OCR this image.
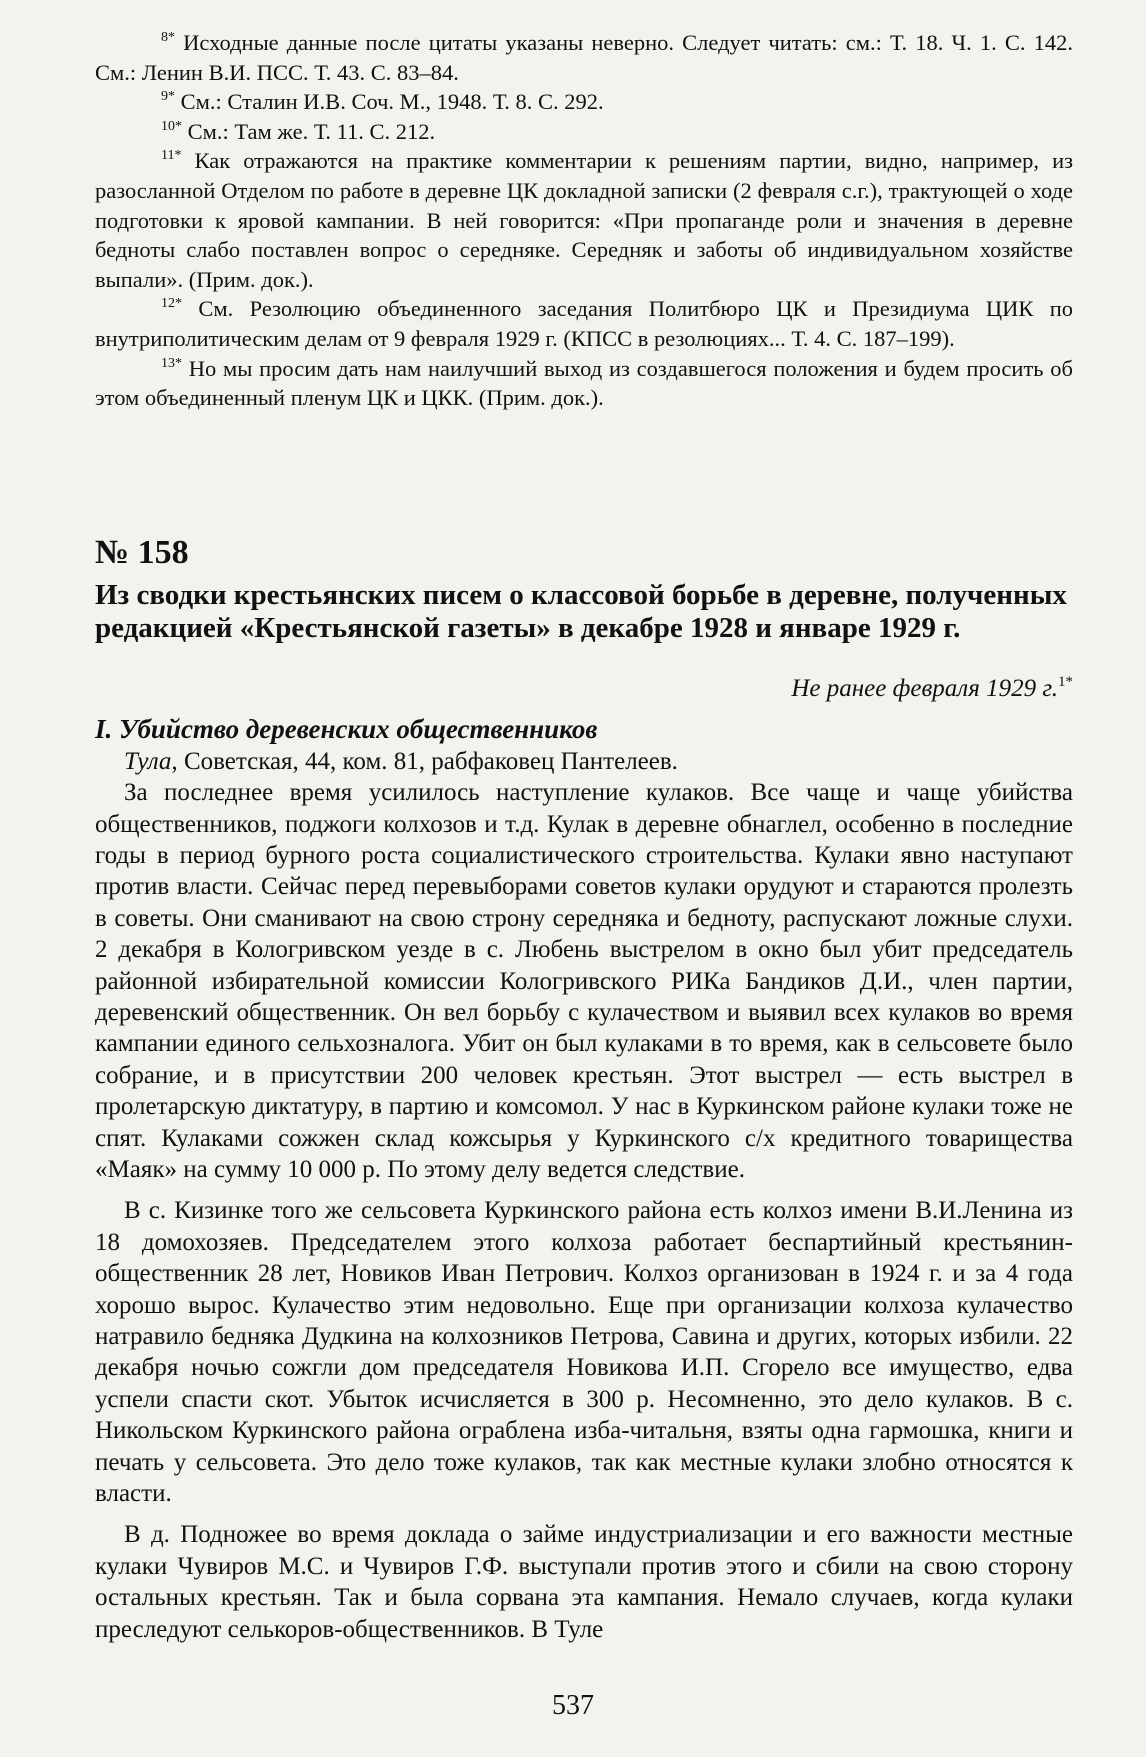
$^{8*}$ Исходные данные после цитаты указаны неверно. Следует читать: см.: Т. 18. Ч. 1. С. 142. См.: Ленин В.И. ПСС. Т. 43. С. 83–84.

$^{9*}$ См.: Сталин И.В. Соч. М., 1948. Т. 8. С. 292.

$^{10*}$ См.: Там же. Т. 11. С. 212.

$^{11*}$ Как отражаются на практике комментарии к решениям партии, видно, например, из разосланной Отделом по работе в деревне ЦК докладной записки (2 февраля с.г.), трактующей о ходе подготовки к яровой кампании. В ней говорится: «При пропаганде роли и значения в деревне бедноты слабо поставлен вопрос о середняке. Середняк и заботы об индивидуальном хозяйстве выпали». (Прим. док.).

$^{12*}$ См. Резолюцию объединенного заседания Политбюро ЦК и Президиума ЦИК по внутриполитическим делам от 9 февраля 1929 г. (КПСС в резолюциях... Т. 4. С. 187–199).

$^{13*}$ Но мы просим дать нам наилучший выход из создавшегося положения и будем просить об этом объединенный пленум ЦК и ЦКК. (Прим. док.).

№ 158
Из сводки крестьянских писем о классовой борьбе в деревне, полученных редакцией «Крестьянской газеты» в декабре 1928 и январе 1929 г.
Не ранее февраля 1929 г.$^{1*}$
I. Убийство деревенских общественников

Тула, Советская, 44, ком. 81, рабфаковец Пантелеев.

За последнее время усилилось наступление кулаков. Все чаще и чаще убийства общественников, поджоги колхозов и т.д. Кулак в деревне обнаглел, особенно в последние годы в период бурного роста социалистического строительства. Кулаки явно наступают против власти. Сейчас перед перевыборами советов кулаки орудуют и стараются пролезть в советы. Они сманивают на свою строну середняка и бедноту, распускают ложные слухи. 2 декабря в Кологривском уезде в с. Любень выстрелом в окно был убит председатель районной избирательной комиссии Кологривского РИКа Бандиков Д.И., член партии, деревенский общественник. Он вел борьбу с кулачеством и выявил всех кулаков во время кампании единого сельхозналога. Убит он был кулаками в то время, как в сельсовете было собрание, и в присутствии 200 человек крестьян. Этот выстрел — есть выстрел в пролетарскую диктатуру, в партию и комсомол. У нас в Куркинском районе кулаки тоже не спят. Кулаками сожжен склад кожсырья у Куркинского с/х кредитного товарищества «Маяк» на сумму 10 000 р. По этому делу ведется следствие.

В с. Кизинке того же сельсовета Куркинского района есть колхоз имени В.И.Ленина из 18 домохозяев. Председателем этого колхоза работает беспартийный крестьянин-общественник 28 лет, Новиков Иван Петрович. Колхоз организован в 1924 г. и за 4 года хорошо вырос. Кулачество этим недовольно. Еще при организации колхоза кулачество натравило бедняка Дудкина на колхозников Петрова, Савина и других, которых избили. 22 декабря ночью сожгли дом председателя Новикова И.П. Сгорело все имущество, едва успели спасти скот. Убыток исчисляется в 300 р. Несомненно, это дело кулаков. В с. Никольском Куркинского района ограблена изба-читальня, взяты одна гармошка, книги и печать у сельсовета. Это дело тоже кулаков, так как местные кулаки злобно относятся к власти.

В д. Подножее во время доклада о займе индустриализации и его важности местные кулаки Чувиров М.С. и Чувиров Г.Ф. выступали против этого и сбили на свою сторону остальных крестьян. Так и была сорвана эта кампания. Немало случаев, когда кулаки преследуют селькоров-общественников. В Туле

537
